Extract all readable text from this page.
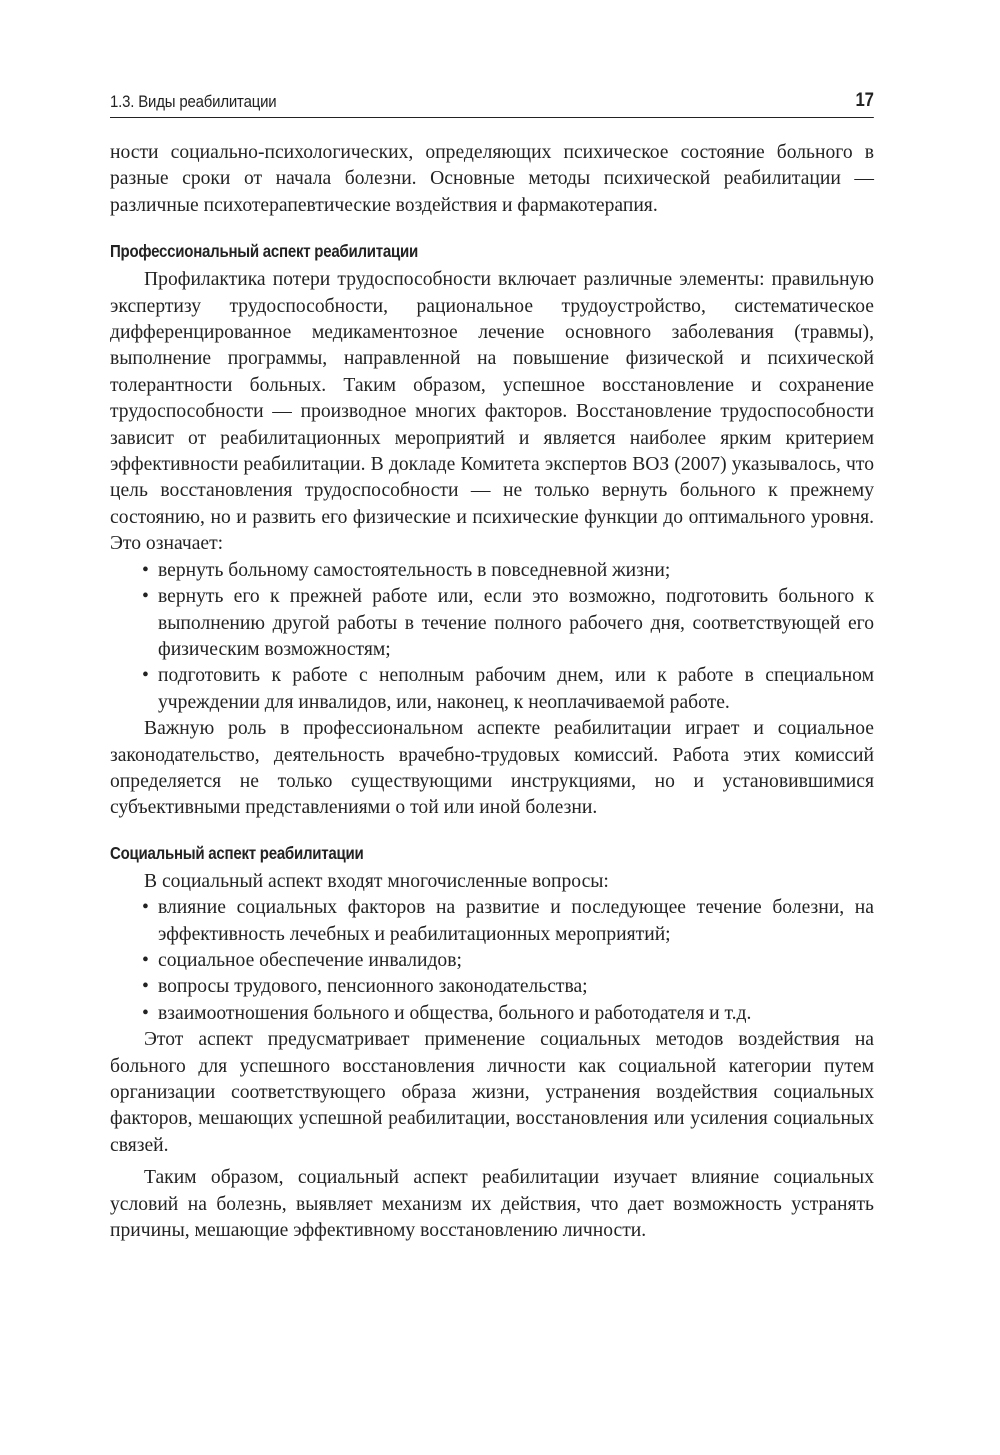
1.3. Виды реабилитации	17

ности социально-психологических, определяющих психическое состояние больного в разные сроки от начала болезни. Основные методы психической реабилитации — различные психотерапевтические воздействия и фармакотерапия.

Профессиональный аспект реабилитации

Профилактика потери трудоспособности включает различные элементы: правильную экспертизу трудоспособности, рациональное трудоустройство, систематическое дифференцированное медикаментозное лечение основного заболевания (травмы), выполнение программы, направленной на повышение физической и психической толерантности больных. Таким образом, успешное восстановление и сохранение трудоспособности — производное многих факторов. Восстановление трудоспособности зависит от реабилитационных мероприятий и является наиболее ярким критерием эффективности реабилитации. В докладе Комитета экспертов ВОЗ (2007) указывалось, что цель восстановления трудоспособности — не только вернуть больного к прежнему состоянию, но и развить его физические и психические функции до оптимального уровня. Это означает:

• вернуть больному самостоятельность в повседневной жизни;
• вернуть его к прежней работе или, если это возможно, подготовить больного к выполнению другой работы в течение полного рабочего дня, соответствующей его физическим возможностям;
• подготовить к работе с неполным рабочим днем, или к работе в специальном учреждении для инвалидов, или, наконец, к неоплачиваемой работе.

Важную роль в профессиональном аспекте реабилитации играет и социальное законодательство, деятельность врачебно-трудовых комиссий. Работа этих комиссий определяется не только существующими инструкциями, но и установившимися субъективными представлениями о той или иной болезни.

Социальный аспект реабилитации

В социальный аспект входят многочисленные вопросы:

• влияние социальных факторов на развитие и последующее течение болезни, на эффективность лечебных и реабилитационных мероприятий;
• социальное обеспечение инвалидов;
• вопросы трудового, пенсионного законодательства;
• взаимоотношения больного и общества, больного и работодателя и т.д.

Этот аспект предусматривает применение социальных методов воздействия на больного для успешного восстановления личности как социальной категории путем организации соответствующего образа жизни, устранения воздействия социальных факторов, мешающих успешной реабилитации, восстановления или усиления социальных связей.

Таким образом, социальный аспект реабилитации изучает влияние социальных условий на болезнь, выявляет механизм их действия, что дает возможность устранять причины, мешающие эффективному восстановлению личности.
